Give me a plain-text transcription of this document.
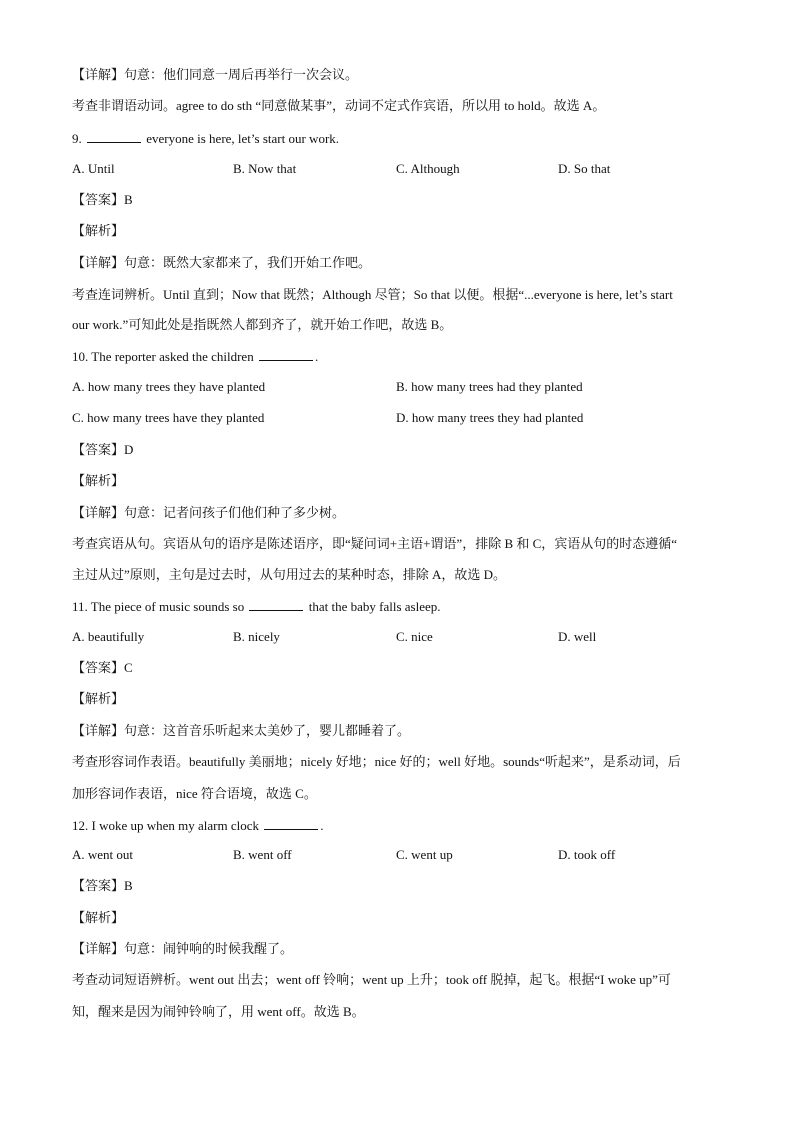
【详解】句意：他们同意一周后再举行一次会议。
考查非谓语动词。agree to do sth “同意做某事”，动词不定式作宾语，所以用 to hold。故选 A。
9.	everyone is here, let’s start our work.
A. Until	B. Now that	C. Although	D. So that
【答案】B
【解析】
【详解】句意：既然大家都来了，我们开始工作吧。
考查连词辨析。Until 直到；Now that 既然；Although 尽管；So that 以便。根据“...everyone is here, let’s start
our work.”可知此处是指既然人都到齐了，就开始工作吧，故选 B。
10. The reporter asked the children	.
A. how many trees they have planted	B. how many trees had they planted
C. how many trees have they planted	D. how many trees they had planted
【答案】D
【解析】
【详解】句意：记者问孩子们他们种了多少树。
考查宾语从句。宾语从句的语序是陈述语序，即“疑问词+主语+谓语”，排除 B 和 C，宾语从句的时态遵循“
主过从过”原则，主句是过去时，从句用过去的某种时态，排除 A，故选 D。
11. The piece of music sounds so	that the baby falls asleep.
A. beautifully	B. nicely	C. nice	D. well
【答案】C
【解析】
【详解】句意：这首音乐听起来太美妙了，婴儿都睡着了。
考查形容词作表语。beautifully 美丽地；nicely 好地；nice 好的；well 好地。sounds“听起来”，是系动词，后
加形容词作表语，nice 符合语境，故选 C。
12. I woke up when my alarm clock	.
A. went out	B. went off	C. went up	D. took off
【答案】B
【解析】
【详解】句意：闹钟响的时候我醒了。
考查动词短语辨析。went out 出去；went off 铃响；went up 上升；took off 脱掉，起飞。根据“I woke up”可
知，醒来是因为闹钟铃响了，用 went off。故选 B。
